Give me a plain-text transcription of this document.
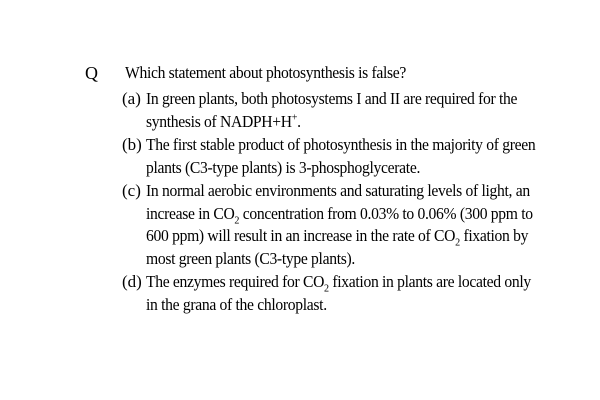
Q Which statement about photosynthesis is false?
(a) In green plants, both photosystems I and II are required for the
synthesis of NADPH+H+.
(b) The first stable product of photosynthesis in the majority of green
plants (C3-type plants) is 3-phosphoglycerate.
(c) In normal aerobic environments and saturating levels of light, an
increase in $CO_2$ concentration from 0.03% to 0.06% (300 ppm to
600 ppm) will result in an increase in the rate of $CO_2$ fixation by
most green plants (C3-type plants).
(d) The enzymes required for $CO_2$ fixation in plants are located only
in the grana of the chloroplast.
